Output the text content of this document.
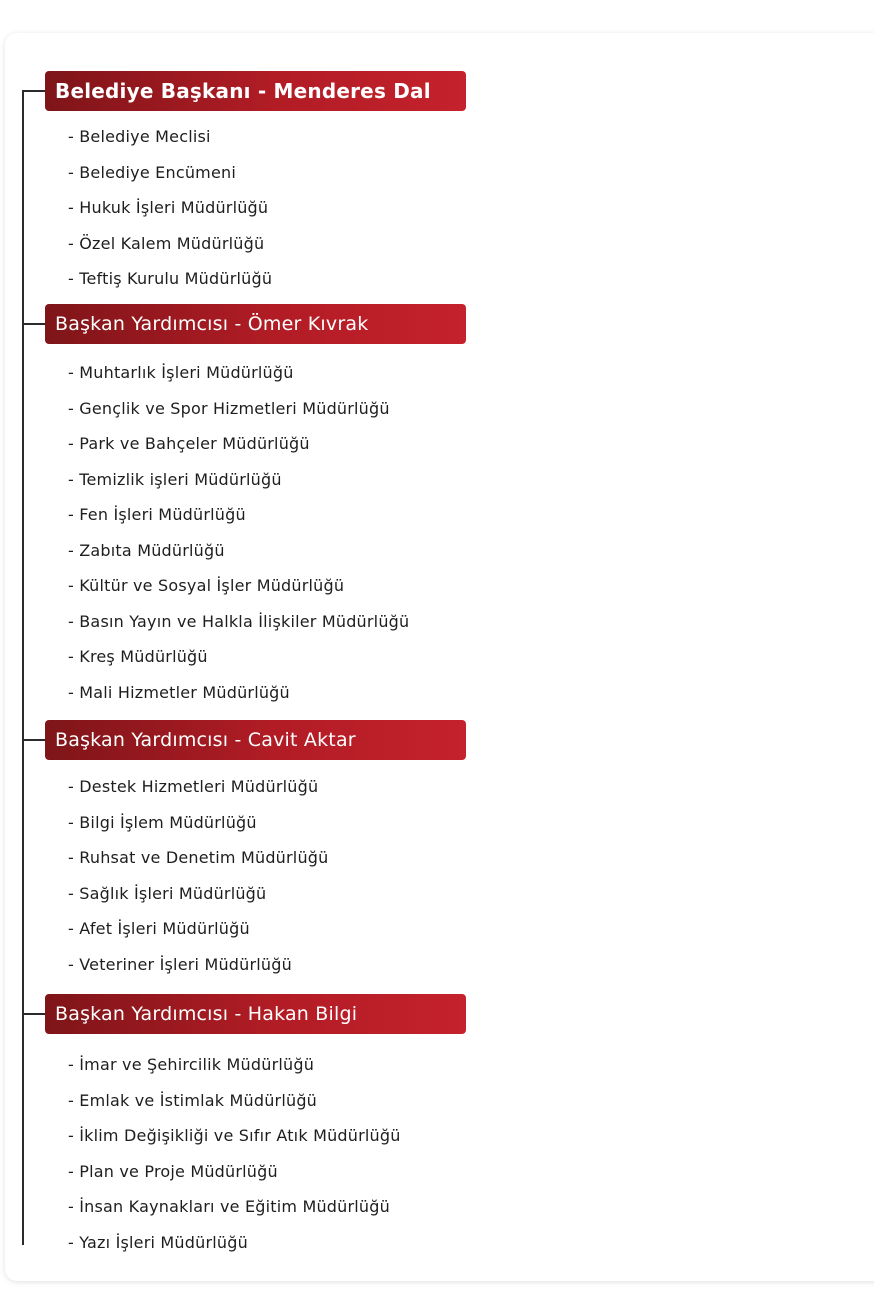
Belediye Başkanı - Menderes Dal
- Belediye Meclisi
- Belediye Encümeni
- Hukuk İşleri Müdürlüğü
- Özel Kalem Müdürlüğü
- Teftiş Kurulu Müdürlüğü
Başkan Yardımcısı - Ömer Kıvrak
- Muhtarlık İşleri Müdürlüğü
- Gençlik ve Spor Hizmetleri Müdürlüğü
- Park ve Bahçeler Müdürlüğü
- Temizlik işleri Müdürlüğü
- Fen İşleri Müdürlüğü
- Zabıta Müdürlüğü
- Kültür ve Sosyal İşler Müdürlüğü
- Basın Yayın ve Halkla İlişkiler Müdürlüğü
- Kreş Müdürlüğü
- Mali Hizmetler Müdürlüğü
Başkan Yardımcısı - Cavit Aktar
- Destek Hizmetleri Müdürlüğü
- Bilgi İşlem Müdürlüğü
- Ruhsat ve Denetim Müdürlüğü
- Sağlık İşleri Müdürlüğü
- Afet İşleri Müdürlüğü
- Veteriner İşleri Müdürlüğü
Başkan Yardımcısı - Hakan Bilgi
- İmar ve Şehircilik Müdürlüğü
- Emlak ve İstimlak Müdürlüğü
- İklim Değişikliği ve Sıfır Atık Müdürlüğü
- Plan ve Proje Müdürlüğü
- İnsan Kaynakları ve Eğitim Müdürlüğü
- Yazı İşleri Müdürlüğü
